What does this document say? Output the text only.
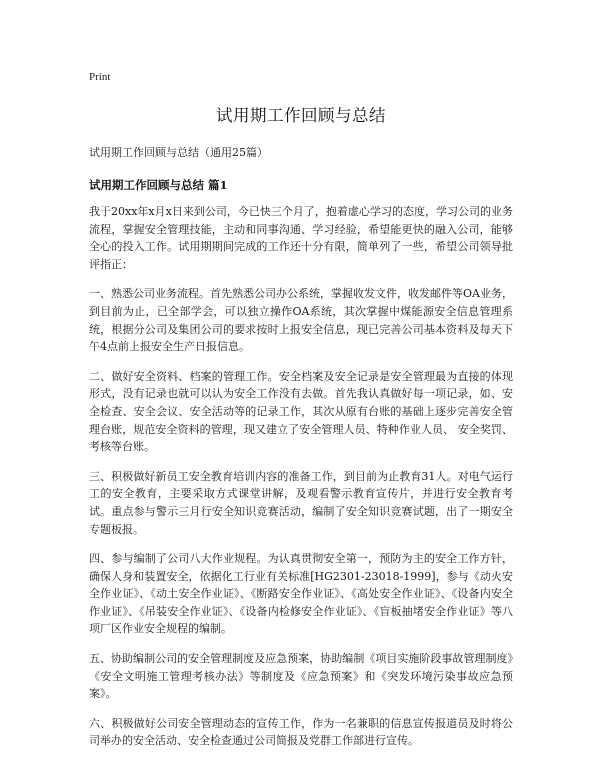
Print
试用期工作回顾与总结
试用期工作回顾与总结（通用25篇）
试用期工作回顾与总结 篇1

我于20xx年x月x日来到公司，今已快三个月了，抱着虚心学习的态度，学习公司的业务流程，掌握安全管理技能，主动和同事沟通、学习经验，希望能更快的融入公司，能够全心的投入工作。试用期期间完成的工作还十分有限，简单列了一些，希望公司领导批评指正：

一、熟悉公司业务流程。首先熟悉公司办公系统，掌握收发文件，收发邮件等OA业务，到目前为止，已全部学会，可以独立操作OA系统，其次掌握中煤能源安全信息管理系统，根据分公司及集团公司的要求按时上报安全信息，现已完善公司基本资料及每天下午4点前上报安全生产日报信息。

二、做好安全资料、档案的管理工作。安全档案及安全记录是安全管理最为直接的体现形式，没有记录也就可以认为安全工作没有去做。首先我认真做好每一项记录，如、安全检查、安全会议、安全活动等的记录工作，其次从原有台账的基础上逐步完善安全管理台账，规范安全资料的管理，现又建立了安全管理人员、特种作业人员、 安全奖罚、考核等台账。

三、积极做好新员工安全教育培训内容的准备工作，到目前为止教育31人。对电气运行工的安全教育，主要采取方式课堂讲解，及观看警示教育宣传片，并进行安全教育考试。重点参与警示三月行安全知识竞赛活动，编制了安全知识竞赛试题，出了一期安全专题板报。

四、参与编制了公司八大作业规程。为认真贯彻安全第一，预防为主的安全工作方针，确保人身和装置安全，依据化工行业有关标准[HG2301-23018-1999]，参与《动火安全作业证》、《动土安全作业证》、《断路安全作业证》、《高处安全作业证》、《设备内安全作业证》、《吊装安全作业证》、《设备内检修安全作业证》、《盲板抽堵安全作业证》等八项厂区作业安全规程的编制。

五、协助编制公司的安全管理制度及应急预案，协助编制《项目实施阶段事故管理制度》《安全文明施工管理考核办法》等制度及《应急预案》和《突发环境污染事故应急预案》。

六、积极做好公司安全管理动态的宣传工作，作为一名兼职的信息宣传报道员及时将公司举办的安全活动、安全检查通过公司简报及党群工作部进行宣传。
